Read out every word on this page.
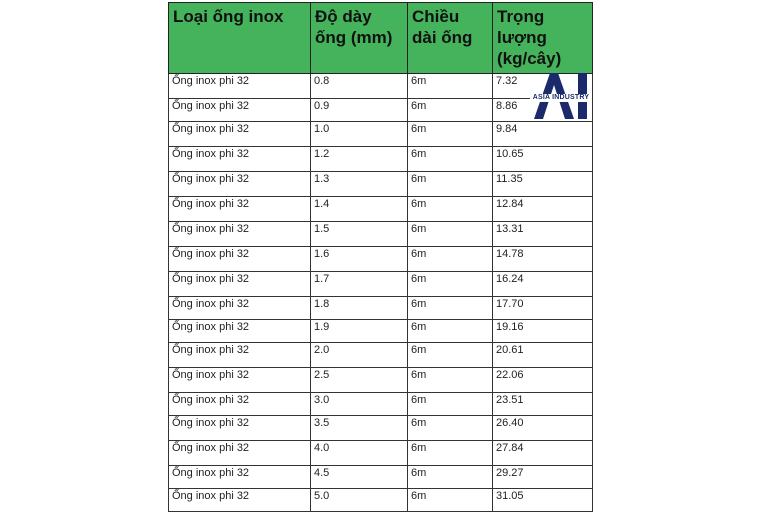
Loại ống inox	Độ dày ống (mm)	Chiều dài ống	Trọng lượng (kg/cây)
Ống inox phi 32	0.8	6m	7.32
Ống inox phi 32	0.9	6m	8.86
Ống inox phi 32	1.0	6m	9.84
Ống inox phi 32	1.2	6m	10.65
Ống inox phi 32	1.3	6m	11.35
Ống inox phi 32	1.4	6m	12.84
Ống inox phi 32	1.5	6m	13.31
Ống inox phi 32	1.6	6m	14.78
Ống inox phi 32	1.7	6m	16.24
Ống inox phi 32	1.8	6m	17.70
Ống inox phi 32	1.9	6m	19.16
Ống inox phi 32	2.0	6m	20.61
Ống inox phi 32	2.5	6m	22.06
Ống inox phi 32	3.0	6m	23.51
Ống inox phi 32	3.5	6m	26.40
Ống inox phi 32	4.0	6m	27.84
Ống inox phi 32	4.5	6m	29.27
Ống inox phi 32	5.0	6m	31.05
ASIA INDUSTRY
